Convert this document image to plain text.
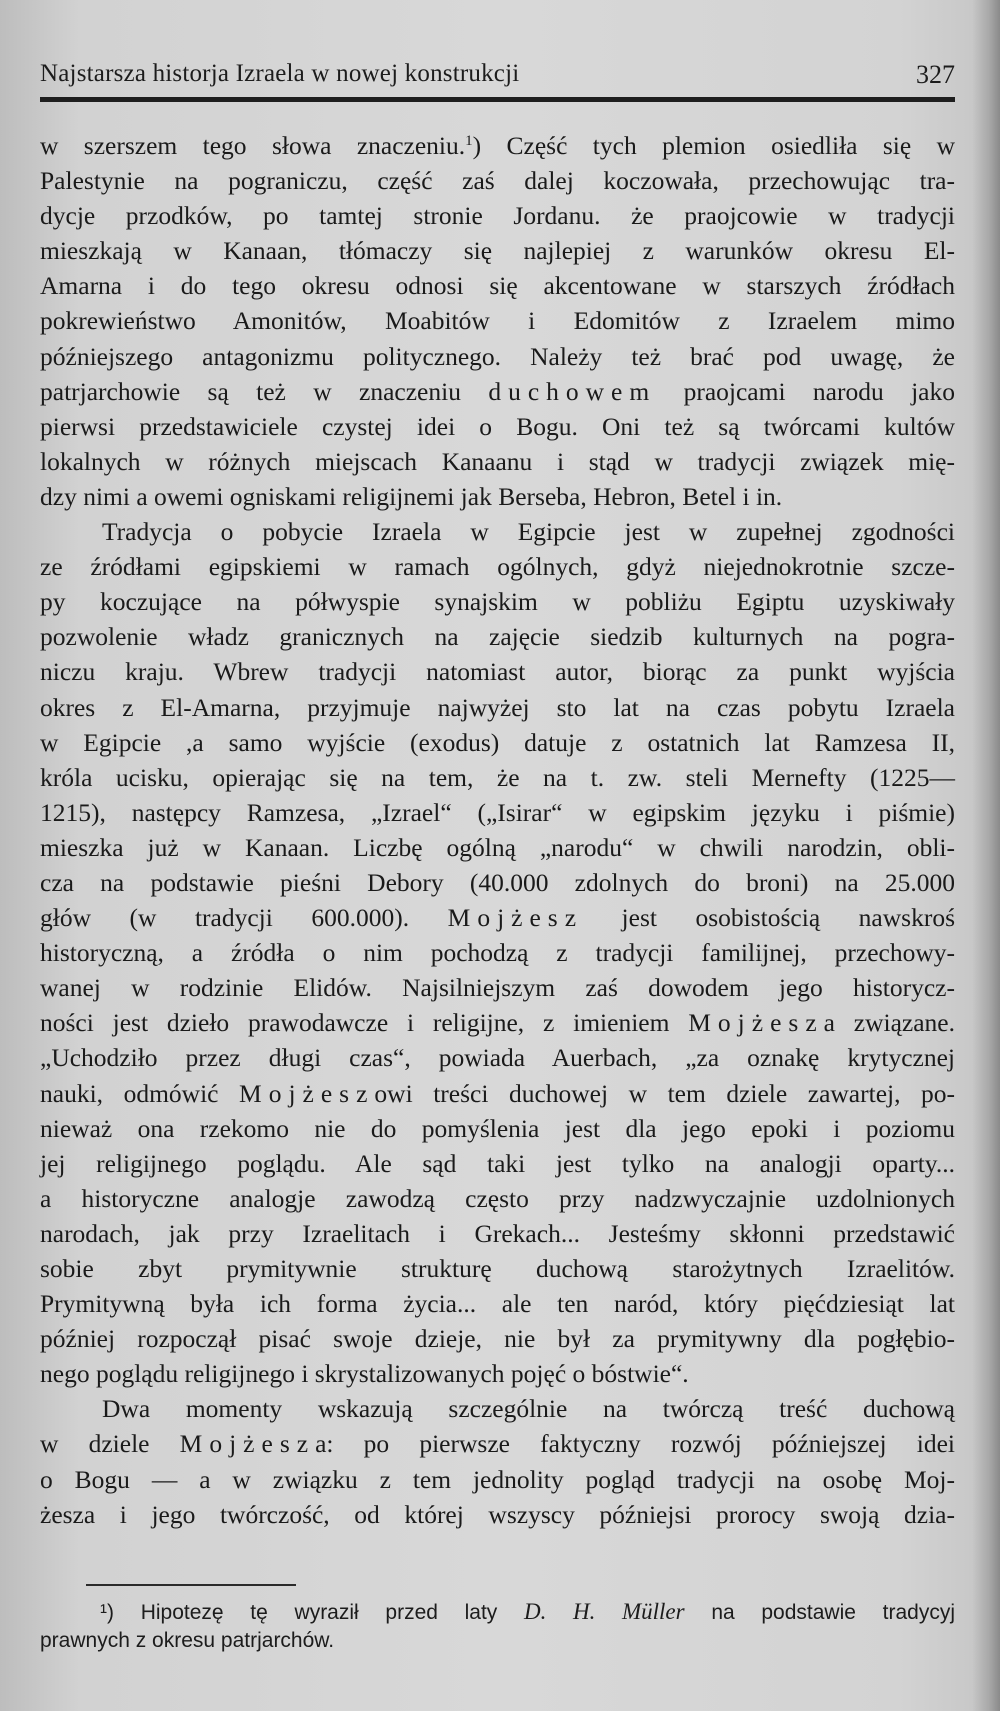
Najstarsza historja Izraela w nowej konstrukcji	327
w szerszem tego słowa znaczeniu.$^1$) Część tych plemion osiedliła się w
Palestynie na pograniczu, część zaś dalej koczowała, przechowując tra-
dycje przodków, po tamtej stronie Jordanu. że praojcowie w tradycji
mieszkają w Kanaan, tłómaczy się najlepiej z warunków okresu El-
Amarna i do tego okresu odnosi się akcentowane w starszych źródłach
pokrewieństwo Amonitów, Moabitów i Edomitów z Izraelem mimo
późniejszego antagonizmu politycznego. Należy też brać pod uwagę, że
patrjarchowie są też w znaczeniu duchowem praojcami narodu jako
pierwsi przedstawiciele czystej idei o Bogu. Oni też są twórcami kultów
lokalnych w różnych miejscach Kanaanu i stąd w tradycji związek mię-
dzy nimi a owemi ogniskami religijnemi jak Berseba, Hebron, Betel i in.
Tradycja o pobycie Izraela w Egipcie jest w zupełnej zgodności
ze źródłami egipskiemi w ramach ogólnych, gdyż niejednokrotnie szcze-
py koczujące na półwyspie synajskim w pobliżu Egiptu uzyskiwały
pozwolenie władz granicznych na zajęcie siedzib kulturnych na pogra-
niczu kraju. Wbrew tradycji natomiast autor, biorąc za punkt wyjścia
okres z El-Amarna, przyjmuje najwyżej sto lat na czas pobytu Izraela
w Egipcie ,a samo wyjście (exodus) datuje z ostatnich lat Ramzesa II,
króla ucisku, opierając się na tem, że na t. zw. steli Mernefty (1225—
1215), następcy Ramzesa, „Izrael“ („Isirar“ w egipskim języku i piśmie)
mieszka już w Kanaan. Liczbę ogólną „narodu“ w chwili narodzin, obli-
cza na podstawie pieśni Debory (40.000 zdolnych do broni) na 25.000
głów (w tradycji 600.000). Mojżesz jest osobistością nawskroś
historyczną, a źródła o nim pochodzą z tradycji familijnej, przechowy-
wanej w rodzinie Elidów. Najsilniejszym zaś dowodem jego historycz-
ności jest dzieło prawodawcze i religijne, z imieniem Mojżesza związane.
„Uchodziło przez długi czas“, powiada Auerbach, „za oznakę krytycznej
nauki, odmówić Mojżeszowi treści duchowej w tem dziele zawartej, po-
nieważ ona rzekomo nie do pomyślenia jest dla jego epoki i poziomu
jej religijnego poglądu. Ale sąd taki jest tylko na analogji oparty...
a historyczne analogje zawodzą często przy nadzwyczajnie uzdolnionych
narodach, jak przy Izraelitach i Grekach... Jesteśmy skłonni przedstawić
sobie zbyt prymitywnie strukturę duchową starożytnych Izraelitów.
Prymitywną była ich forma życia... ale ten naród, który pięćdziesiąt lat
później rozpoczął pisać swoje dzieje, nie był za prymitywny dla pogłębio-
nego poglądu religijnego i skrystalizowanych pojęć o bóstwie“.
Dwa momenty wskazują szczególnie na twórczą treść duchową
w dziele Mojżesza: po pierwsze faktyczny rozwój późniejszej idei
o Bogu — a w związku z tem jednolity pogląd tradycji na osobę Moj-
żesza i jego twórczość, od której wszyscy późniejsi prorocy swoją dzia-
¹) Hipotezę tę wyraził przed laty D. H. Müller na podstawie tradycyj
prawnych z okresu patrjarchów.
